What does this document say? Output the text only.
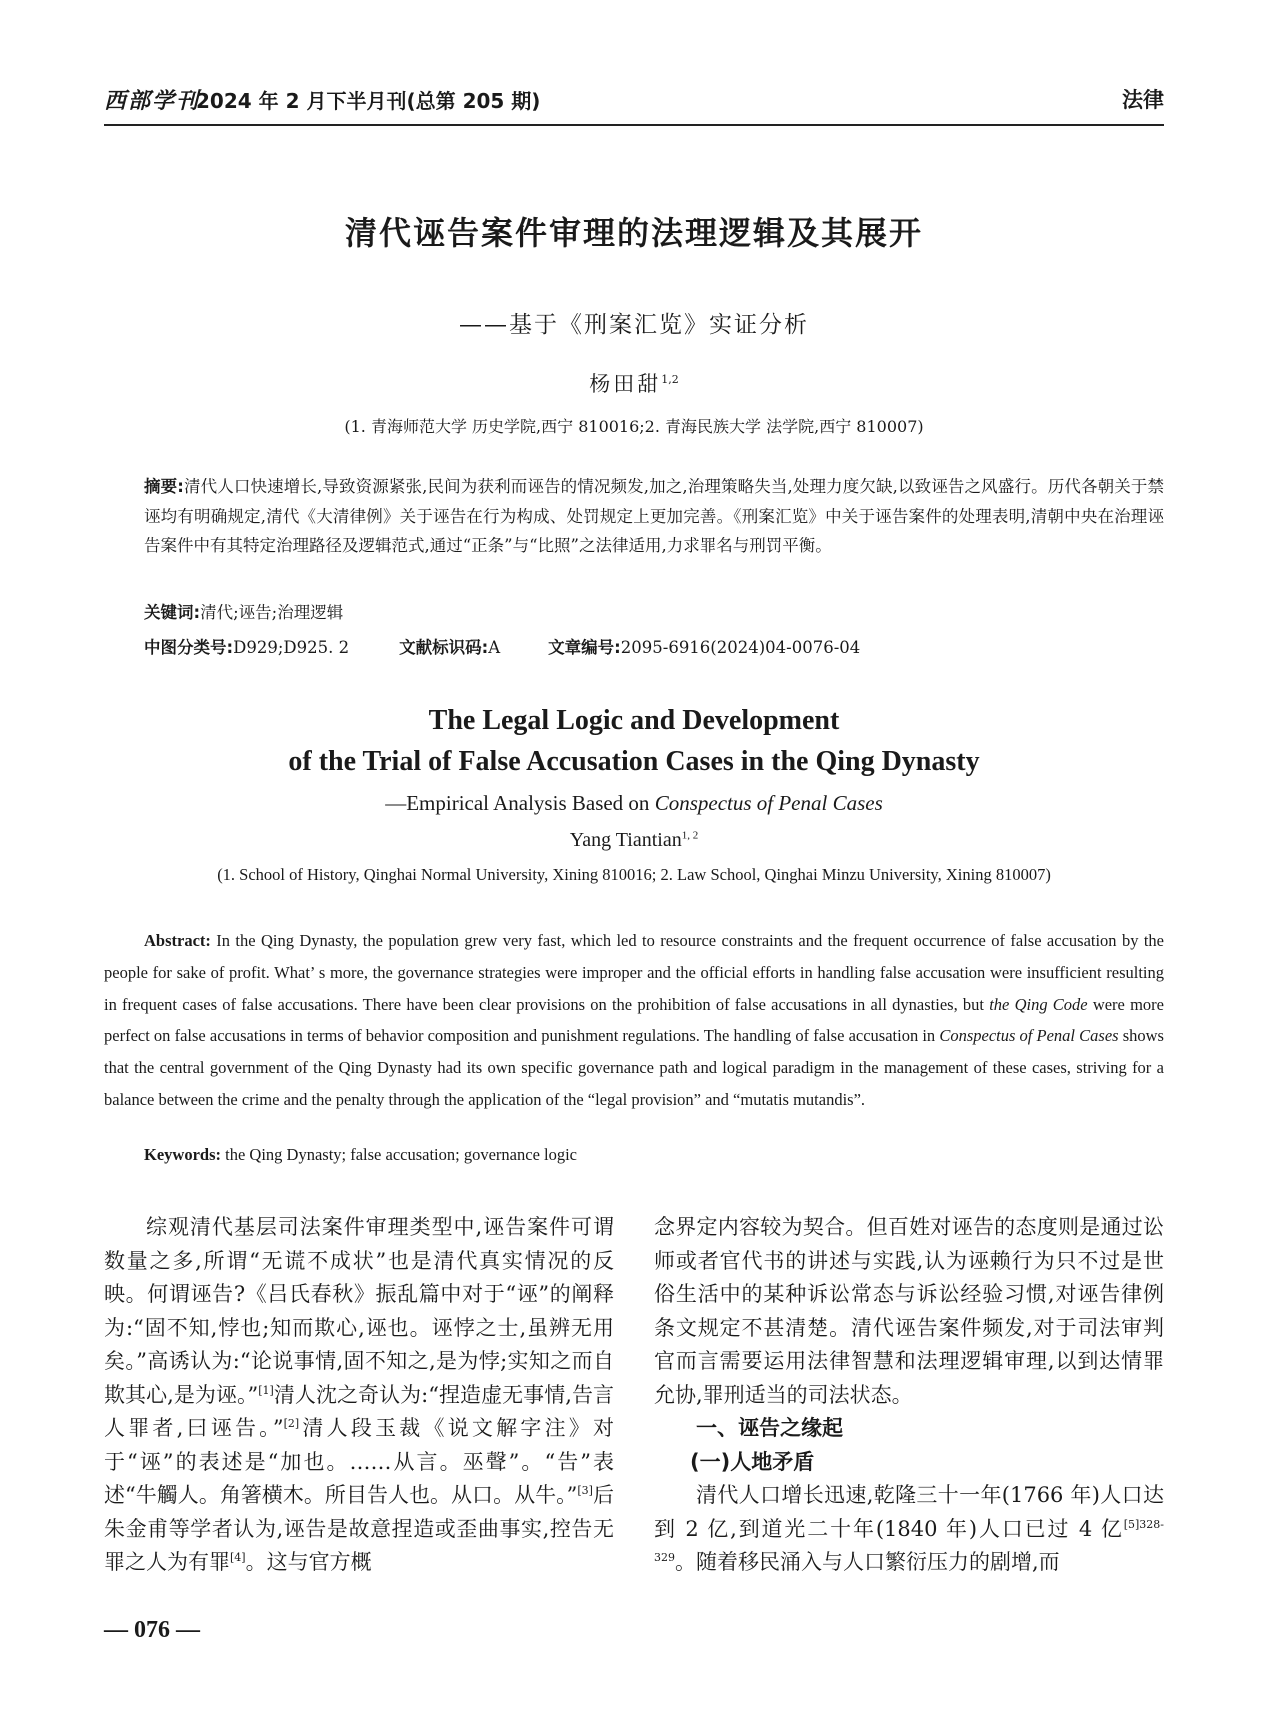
西部学刊
2024 年 2 月下半月刊(总第 205 期)	法律
清代诬告案件审理的法理逻辑及其展开
——基于《刑案汇览》实证分析
杨田甜$^{1,2}$
(1. 青海师范大学 历史学院,西宁 810016;2. 青海民族大学 法学院,西宁 810007)
摘要:清代人口快速增长,导致资源紧张,民间为获利而诬告的情况频发,加之,治理策略失当,处理力度欠缺,以致诬告之风盛行。历代各朝关于禁诬均有明确规定,清代《大清律例》关于诬告在行为构成、处罚规定上更加完善。《刑案汇览》中关于诬告案件的处理表明,清朝中央在治理诬告案件中有其特定治理路径及逻辑范式,通过“正条”与“比照”之法律适用,力求罪名与刑罚平衡。
关键词:清代;诬告;治理逻辑
中图分类号:D929;D925. 2	文献标识码:A	文章编号:2095-6916(2024)04-0076-04
The Legal Logic and Development
of the Trial of False Accusation Cases in the Qing Dynasty
—Empirical Analysis Based on Conspectus of Penal Cases
Yang Tiantian$^{1, 2}$
(1. School of History, Qinghai Normal University, Xining 810016; 2. Law School, Qinghai Minzu University, Xining 810007)
Abstract: In the Qing Dynasty, the population grew very fast, which led to resource constraints and the frequent occurrence of false accusation by the people for sake of profit. What’ s more, the governance strategies were improper and the official efforts in handling false accusation were insufficient resulting in frequent cases of false accusations. There have been clear provisions on the prohibition of false accusations in all dynasties, but the Qing Code were more perfect on false accusations in terms of behavior composition and punishment regulations. The handling of false accusation in Conspectus of Penal Cases shows that the central government of the Qing Dynasty had its own specific governance path and logical paradigm in the management of these cases, striving for a balance between the crime and the penalty through the application of the “legal provision” and “mutatis mutandis”.
Keywords: the Qing Dynasty; false accusation; governance logic

综观清代基层司法案件审理类型中,诬告案件可谓数量之多,所谓“无谎不成状”也是清代真实情况的反映。何谓诬告?《吕氏春秋》振乱篇中对于“诬”的阐释为:“固不知,悖也;知而欺心,诬也。诬悖之士,虽辨无用矣。”高诱认为:“论说事情,固不知之,是为悖;实知之而自欺其心,是为诬。”[1]清人沈之奇认为:“捏造虚无事情,告言人罪者,曰诬告。”[2]清人段玉裁《说文解字注》对于“诬”的表述是“加也。……从言。巫聲”。“告”表述“牛觸人。角箸横木。所目告人也。从口。从牛。”[3]后朱金甫等学者认为,诬告是故意捏造或歪曲事实,控告无罪之人为有罪[4]。这与官方概

念界定内容较为契合。但百姓对诬告的态度则是通过讼师或者官代书的讲述与实践,认为诬赖行为只不过是世俗生活中的某种诉讼常态与诉讼经验习惯,对诬告律例条文规定不甚清楚。清代诬告案件频发,对于司法审判官而言需要运用法律智慧和法理逻辑审理,以到达情罪允协,罪刑适当的司法状态。

一、诬告之缘起

(一)人地矛盾

清代人口增长迅速,乾隆三十一年(1766 年)人口达到 2 亿,到道光二十年(1840 年)人口已过 4 亿$^{[5]328-329}$。随着移民涌入与人口繁衍压力的剧增,而

— 076 —
